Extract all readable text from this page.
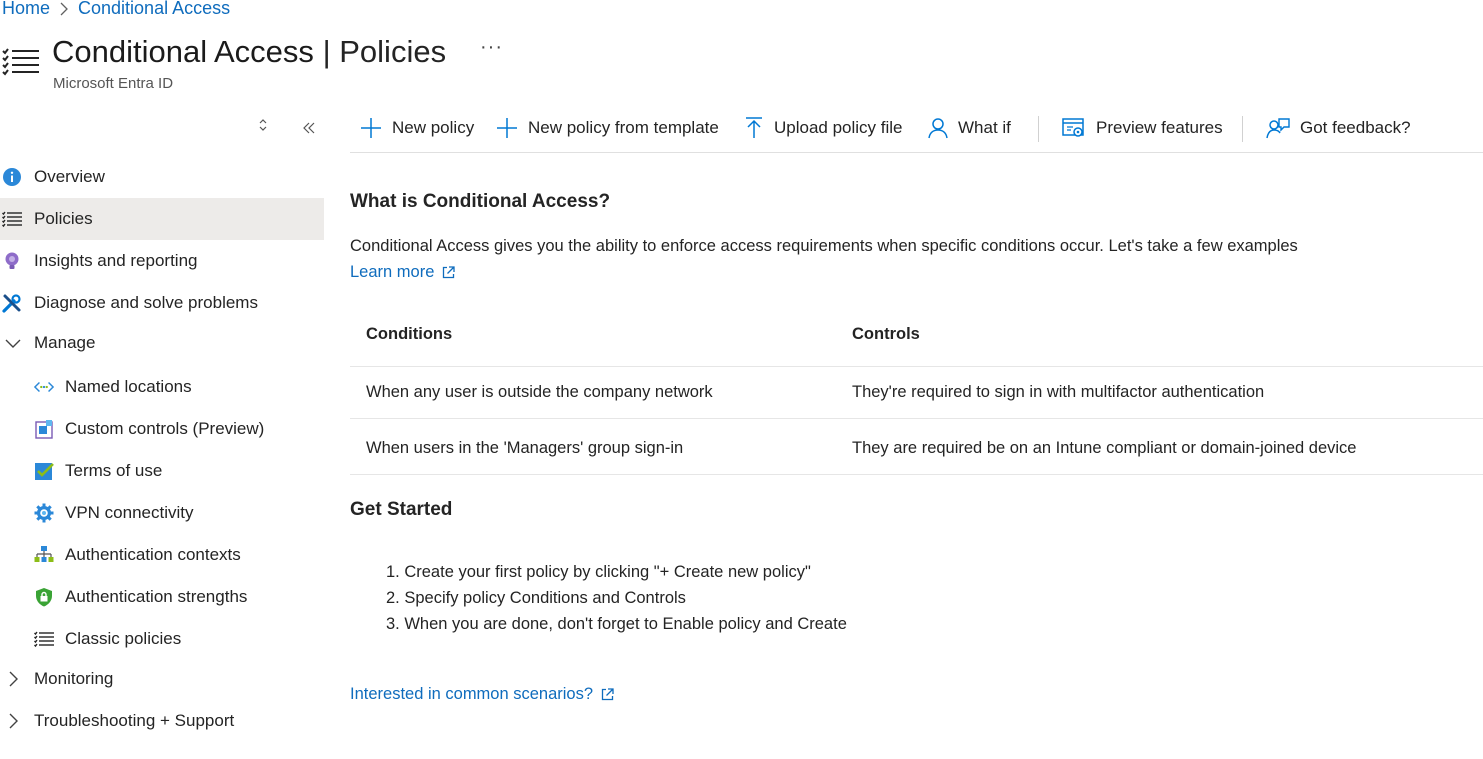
Home Conditional Access
Conditional Access | Policies ···
Microsoft Entra ID
Overview
Policies
Insights and reporting
Diagnose and solve problems
Manage
Named locations
Custom controls (Preview)
Terms of use
VPN connectivity
Authentication contexts
Authentication strengths
Classic policies
Monitoring
Troubleshooting + Support
New policy	New policy from template	Upload policy file	What if	Preview features	Got feedback?
What is Conditional Access?
Conditional Access gives you the ability to enforce access requirements when specific conditions occur. Let's take a few examples
Learn more
Conditions	Controls
When any user is outside the company network	They're required to sign in with multifactor authentication
When users in the 'Managers' group sign-in	They are required be on an Intune compliant or domain-joined device
Get Started
1. Create your first policy by clicking "+ Create new policy"
2. Specify policy Conditions and Controls
3. When you are done, don't forget to Enable policy and Create
Interested in common scenarios?
